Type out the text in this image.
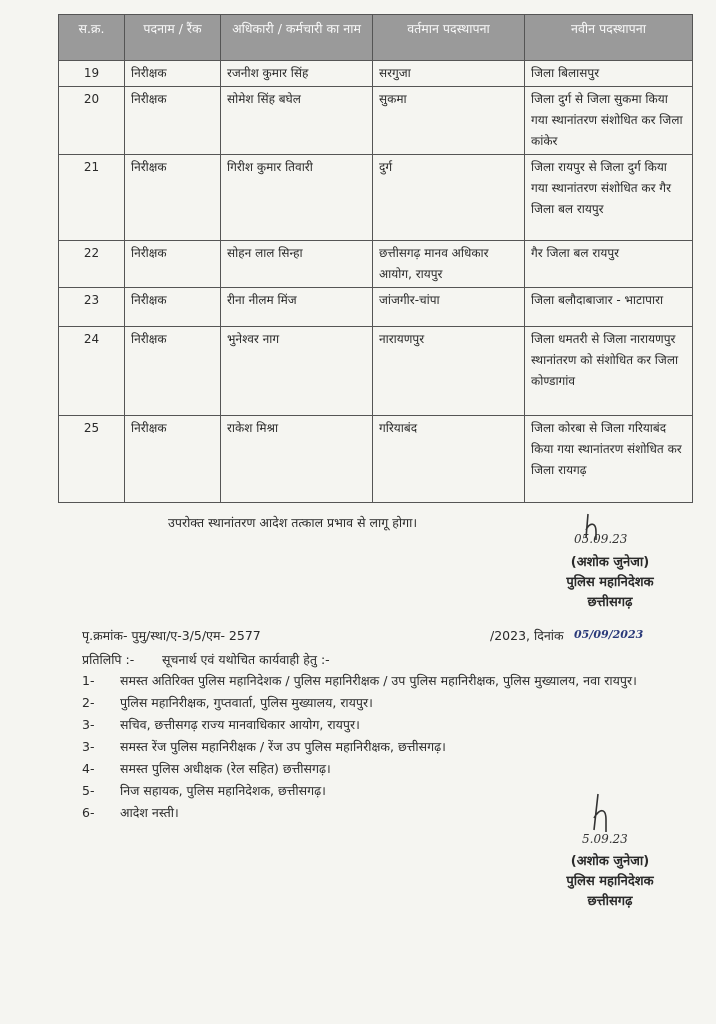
स.क्र.	पदनाम / रैंक	अधिकारी / कर्मचारी का नाम	वर्तमान पदस्थापना	नवीन पदस्थापना
19	निरीक्षक	रजनीश कुमार सिंह	सरगुजा	जिला बिलासपुर
20	निरीक्षक	सोमेश सिंह बघेल	सुकमा	जिला दुर्ग से जिला सुकमा किया गया स्थानांतरण संशोधित कर जिला कांकेर
21	निरीक्षक	गिरीश कुमार तिवारी	दुर्ग	जिला रायपुर से जिला दुर्ग किया गया स्थानांतरण संशोधित कर गैर जिला बल रायपुर
22	निरीक्षक	सोहन लाल सिन्हा	छत्तीसगढ़ मानव अधिकार आयोग, रायपुर	गैर जिला बल रायपुर
23	निरीक्षक	रीना नीलम मिंज	जांजगीर-चांपा	जिला बलौदाबाजार - भाटापारा
24	निरीक्षक	भुनेश्वर नाग	नारायणपुर	जिला धमतरी से जिला नारायणपुर स्थानांतरण को संशोधित कर जिला कोण्डागांव
25	निरीक्षक	राकेश मिश्रा	गरियाबंद	जिला कोरबा से जिला गरियाबंद किया गया स्थानांतरण संशोधित कर जिला रायगढ़
उपरोक्त स्थानांतरण आदेश तत्काल प्रभाव से लागू होगा।
05.09.23
(अशोक जुनेजा)
पुलिस महानिदेशक
छत्तीसगढ़
पृ.क्रमांक- पुमु/स्था/ए-3/5/एम- 2577	/2023, दिनांक 05/09/2023
प्रतिलिपि :- सूचनार्थ एवं यथोचित कार्यवाही हेतु :-
1-	समस्त अतिरिक्त पुलिस महानिदेशक / पुलिस महानिरीक्षक / उप पुलिस महानिरीक्षक, पुलिस मुख्यालय, नवा रायपुर।
2-	पुलिस महानिरीक्षक, गुप्तवार्ता, पुलिस मुख्यालय, रायपुर।
3-	सचिव, छत्तीसगढ़ राज्य मानवाधिकार आयोग, रायपुर।
3-	समस्त रेंज पुलिस महानिरीक्षक / रेंज उप पुलिस महानिरीक्षक, छत्तीसगढ़।
4-	समस्त पुलिस अधीक्षक (रेल सहित) छत्तीसगढ़।
5-	निज सहायक, पुलिस महानिदेशक, छत्तीसगढ़।
6-	आदेश नस्ती।
5.09.23
(अशोक जुनेजा)
पुलिस महानिदेशक
छत्तीसगढ़
